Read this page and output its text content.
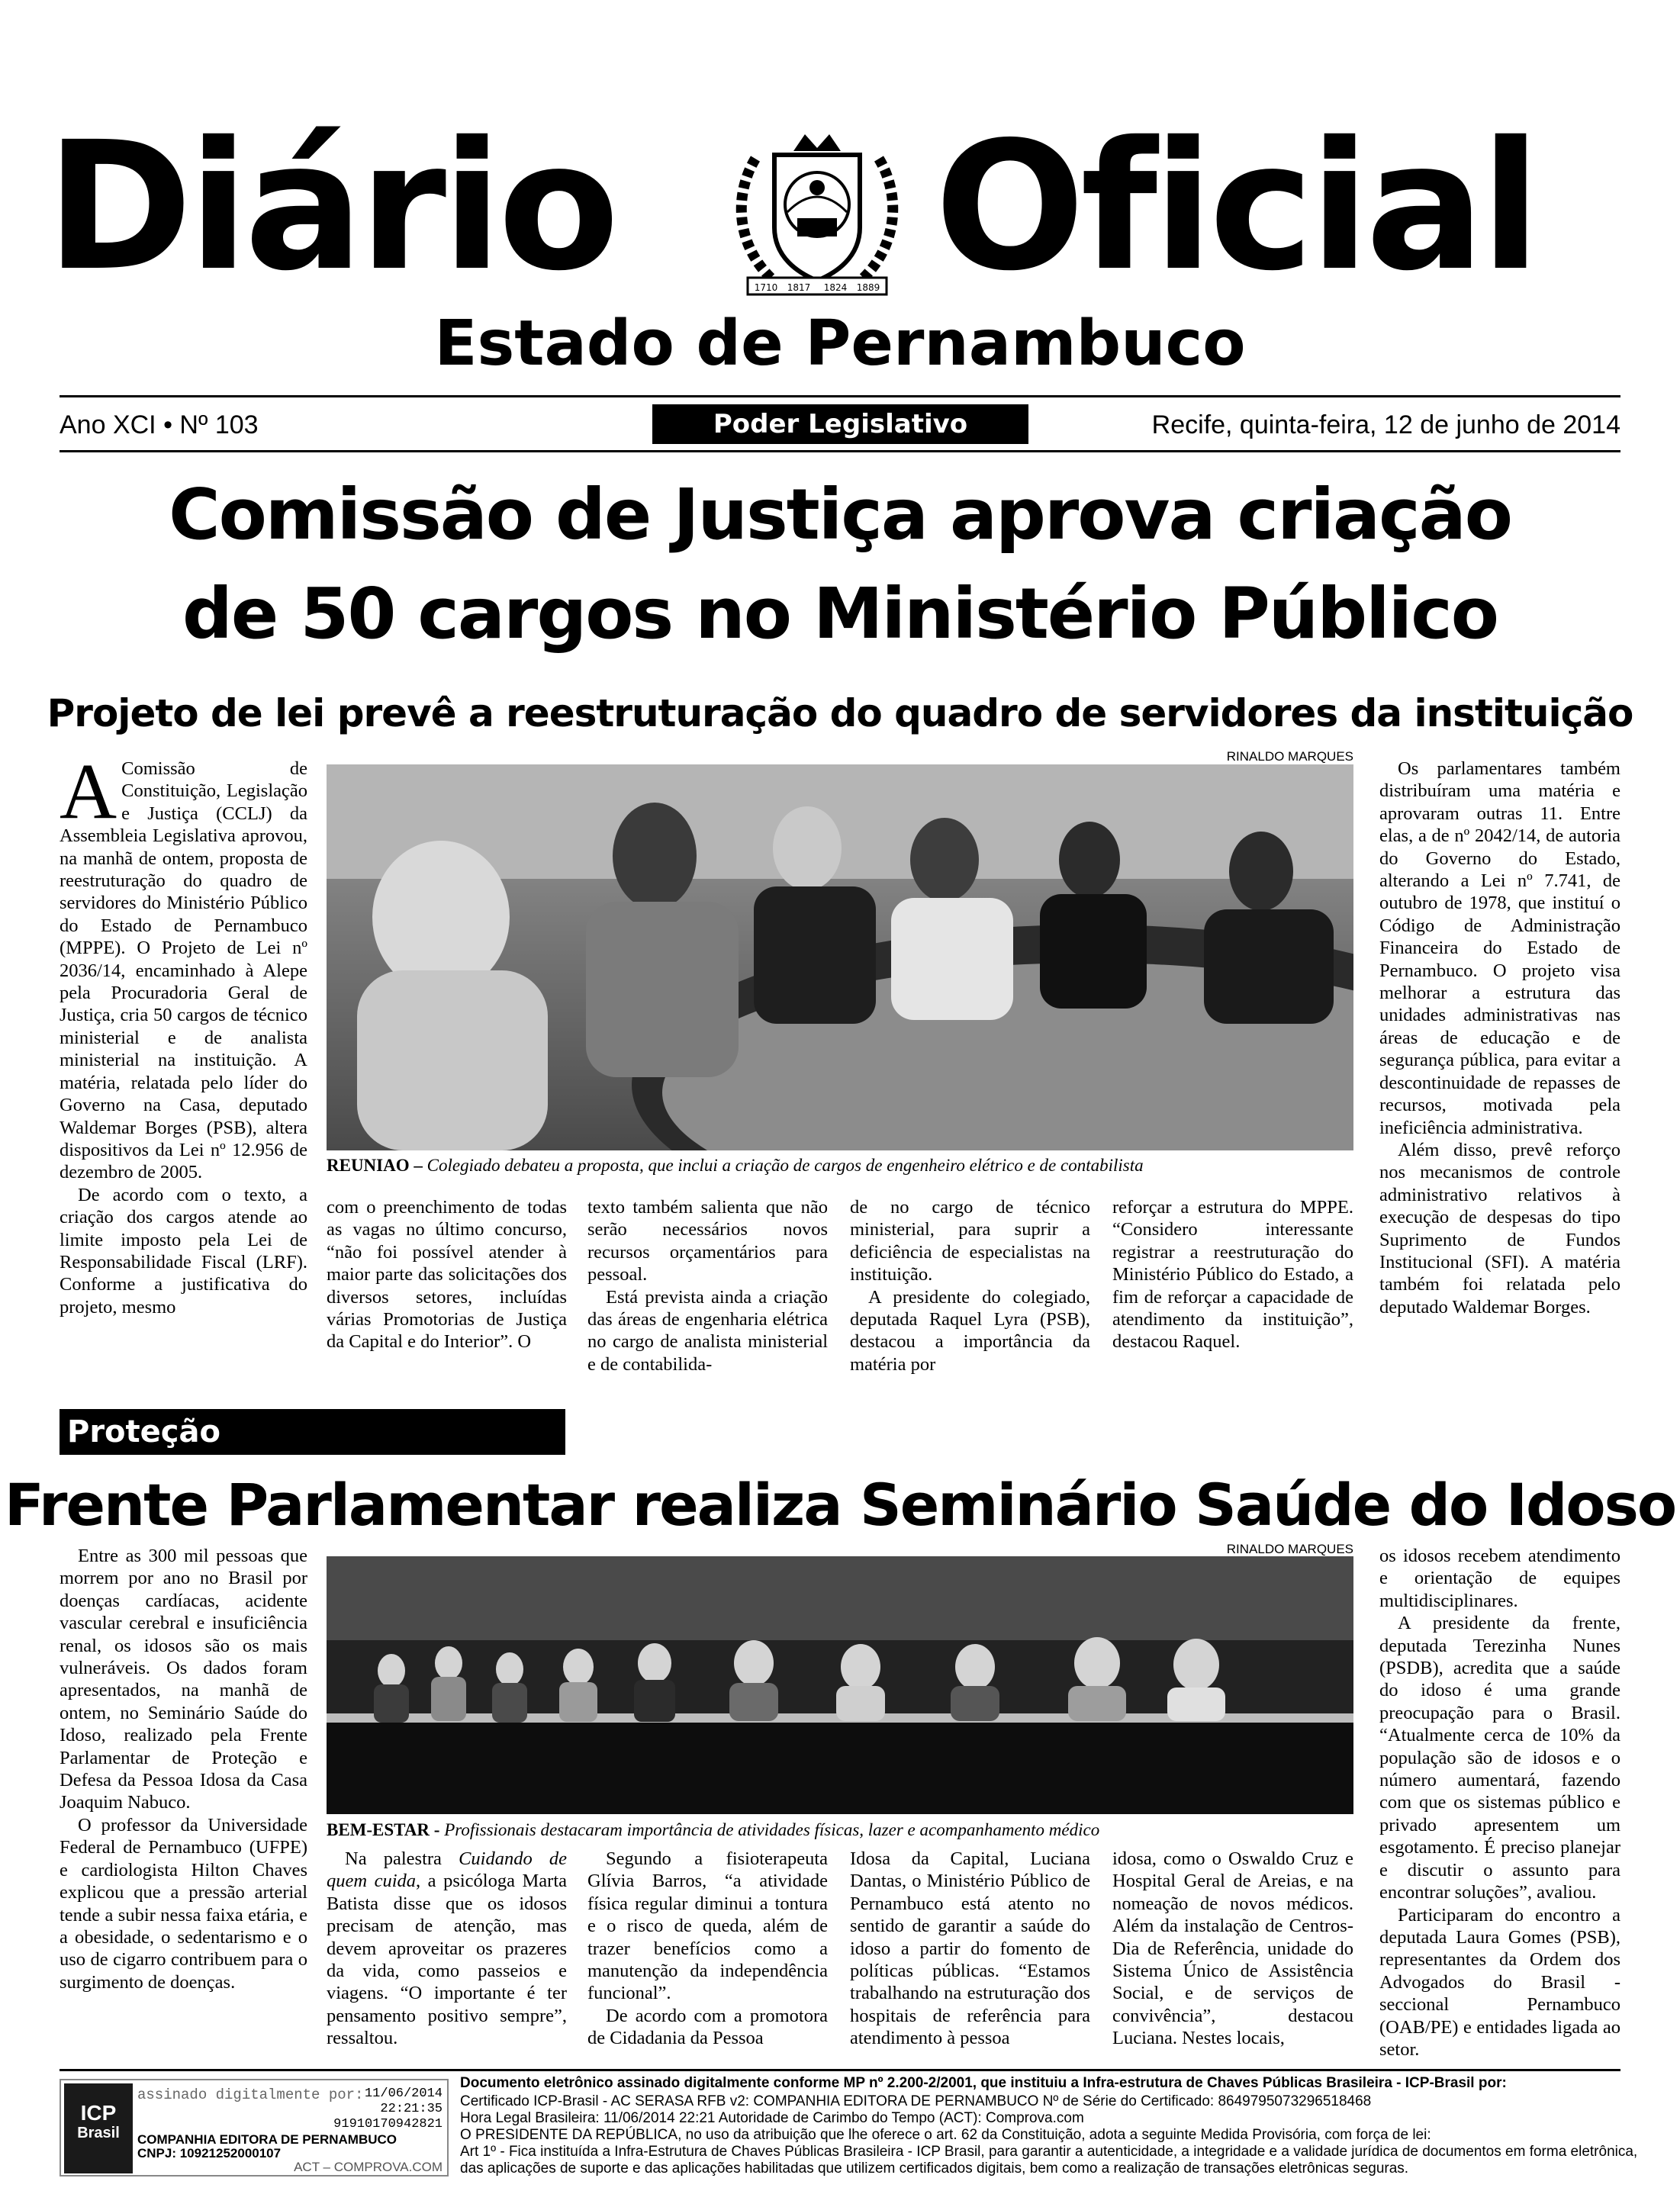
Diário	1710 1817 1824 1889 Oficial
Estado de Pernambuco
Ano XCI • Nº 103	Poder Legislativo	Recife, quinta-feira, 12 de junho de 2014
Comissão de Justiça aprova criação
de 50 cargos no Ministério Público
Projeto de lei prevê a reestruturação do quadro de servidores da instituição

A Comissão de Constituição, Legislação e Justiça (CCLJ) da Assembleia Legislativa aprovou, na manhã de ontem, proposta de reestruturação do quadro de servidores do Ministério Público do Estado de Pernambuco (MPPE). O Projeto de Lei nº 2036/14, encaminhado à Alepe pela Procuradoria Geral de Justiça, cria 50 cargos de técnico ministerial e de analista ministerial na instituição. A matéria, relatada pelo líder do Governo na Casa, deputado Waldemar Borges (PSB), altera dispositivos da Lei nº 12.956 de dezembro de 2005.

De acordo com o texto, a criação dos cargos atende ao limite imposto pela Lei de Responsabilidade Fiscal (LRF). Conforme a justificativa do projeto, mesmo

RINALDO MARQUES
REUNIAO – Colegiado debateu a proposta, que inclui a criação de cargos de engenheiro elétrico e de contabilista

com o preenchimento de todas as vagas no último concurso, “não foi possível atender à maior parte das solicitações dos diversos setores, incluídas várias Promotorias de Justiça da Capital e do Interior”. O

texto também salienta que não serão necessários novos recursos orçamentários para pessoal.

Está prevista ainda a criação das áreas de engenharia elétrica no cargo de analista ministerial e de contabilida-

de no cargo de técnico ministerial, para suprir a deficiência de especialistas na instituição.

A presidente do colegiado, deputada Raquel Lyra (PSB), destacou a importância da matéria por

reforçar a estrutura do MPPE. “Considero interessante registrar a reestruturação do Ministério Público do Estado, a fim de reforçar a capacidade de atendimento da instituição”, destacou Raquel.

Os parlamentares também distribuíram uma matéria e aprovaram outras 11. Entre elas, a de nº 2042/14, de autoria do Governo do Estado, alterando a Lei nº 7.741, de outubro de 1978, que instituí o Código de Administração Financeira do Estado de Pernambuco. O projeto visa melhorar a estrutura das unidades administrativas nas áreas de educação e de segurança pública, para evitar a descontinuidade de repasses de recursos, motivada pela ineficiência administrativa.

Além disso, prevê reforço nos mecanismos de controle administrativo relativos à execução de despesas do tipo Suprimento de Fundos Institucional (SFI). A matéria também foi relatada pelo deputado Waldemar Borges.

Proteção
Frente Parlamentar realiza Seminário Saúde do Idoso

Entre as 300 mil pessoas que morrem por ano no Brasil por doenças cardíacas, acidente vascular cerebral e insuficiência renal, os idosos são os mais vulneráveis. Os dados foram apresentados, na manhã de ontem, no Seminário Saúde do Idoso, realizado pela Frente Parlamentar de Proteção e Defesa da Pessoa Idosa da Casa Joaquim Nabuco.

O professor da Universidade Federal de Pernambuco (UFPE) e cardiologista Hilton Chaves explicou que a pressão arterial tende a subir nessa faixa etária, e a obesidade, o sedentarismo e o uso de cigarro contribuem para o surgimento de doenças.

RINALDO MARQUES
BEM-ESTAR - Profissionais destacaram importância de atividades físicas, lazer e acompanhamento médico

Na palestra Cuidando de quem cuida, a psicóloga Marta Batista disse que os idosos precisam de atenção, mas devem aproveitar os prazeres da vida, como passeios e viagens. “O importante é ter pensamento positivo sempre”, ressaltou.

Segundo a fisioterapeuta Glívia Barros, “a atividade física regular diminui a tontura e o risco de queda, além de trazer benefícios como a manutenção da independência funcional”.

De acordo com a promotora de Cidadania da Pessoa

Idosa da Capital, Luciana Dantas, o Ministério Público de Pernambuco está atento no sentido de garantir a saúde do idoso a partir do fomento de políticas públicas. “Estamos trabalhando na estruturação dos hospitais de referência para atendimento à pessoa

idosa, como o Oswaldo Cruz e Hospital Geral de Areias, e na nomeação de novos médicos. Além da instalação de Centros-Dia de Referência, unidade do Sistema Único de Assistência Social, e de serviços de convivência”, destacou Luciana. Nestes locais,

os idosos recebem atendimento e orientação de equipes multidisciplinares.

A presidente da frente, deputada Terezinha Nunes (PSDB), acredita que a saúde do idoso é uma grande preocupação para o Brasil. “Atualmente cerca de 10% da população são de idosos e o número aumentará, fazendo com que os sistemas público e privado apresentem um esgotamento. É preciso planejar e discutir o assunto para encontrar soluções”, avaliou.

Participaram do encontro a deputada Laura Gomes (PSB), representantes da Ordem dos Advogados do Brasil - seccional Pernambuco (OAB/PE) e entidades ligada ao setor.

ICP
Brasil
assinado digitalmente por: 11/06/2014
22:21:35
91910170942821
COMPANHIA EDITORA DE PERNAMBUCO
CNPJ: 10921252000107
ACT – COMPROVA.COM
Documento eletrônico assinado digitalmente conforme MP nº 2.200-2/2001, que instituiu a Infra-estrutura de Chaves Públicas Brasileira - ICP-Brasil por:
Certificado ICP-Brasil - AC SERASA RFB v2: COMPANHIA EDITORA DE PERNAMBUCO Nº de Série do Certificado: 8649795073296518468
Hora Legal Brasileira: 11/06/2014 22:21 Autoridade de Carimbo do Tempo (ACT): Comprova.com
O PRESIDENTE DA REPÚBLICA, no uso da atribuição que lhe oferece o art. 62 da Constituição, adota a seguinte Medida Provisória, com força de lei:
Art 1º - Fica instituída a Infra-Estrutura de Chaves Públicas Brasileira - ICP Brasil, para garantir a autenticidade, a integridade e a validade jurídica de documentos em forma eletrônica,
das aplicações de suporte e das aplicações habilitadas que utilizem certificados digitais, bem como a realização de transações eletrônicas seguras.
